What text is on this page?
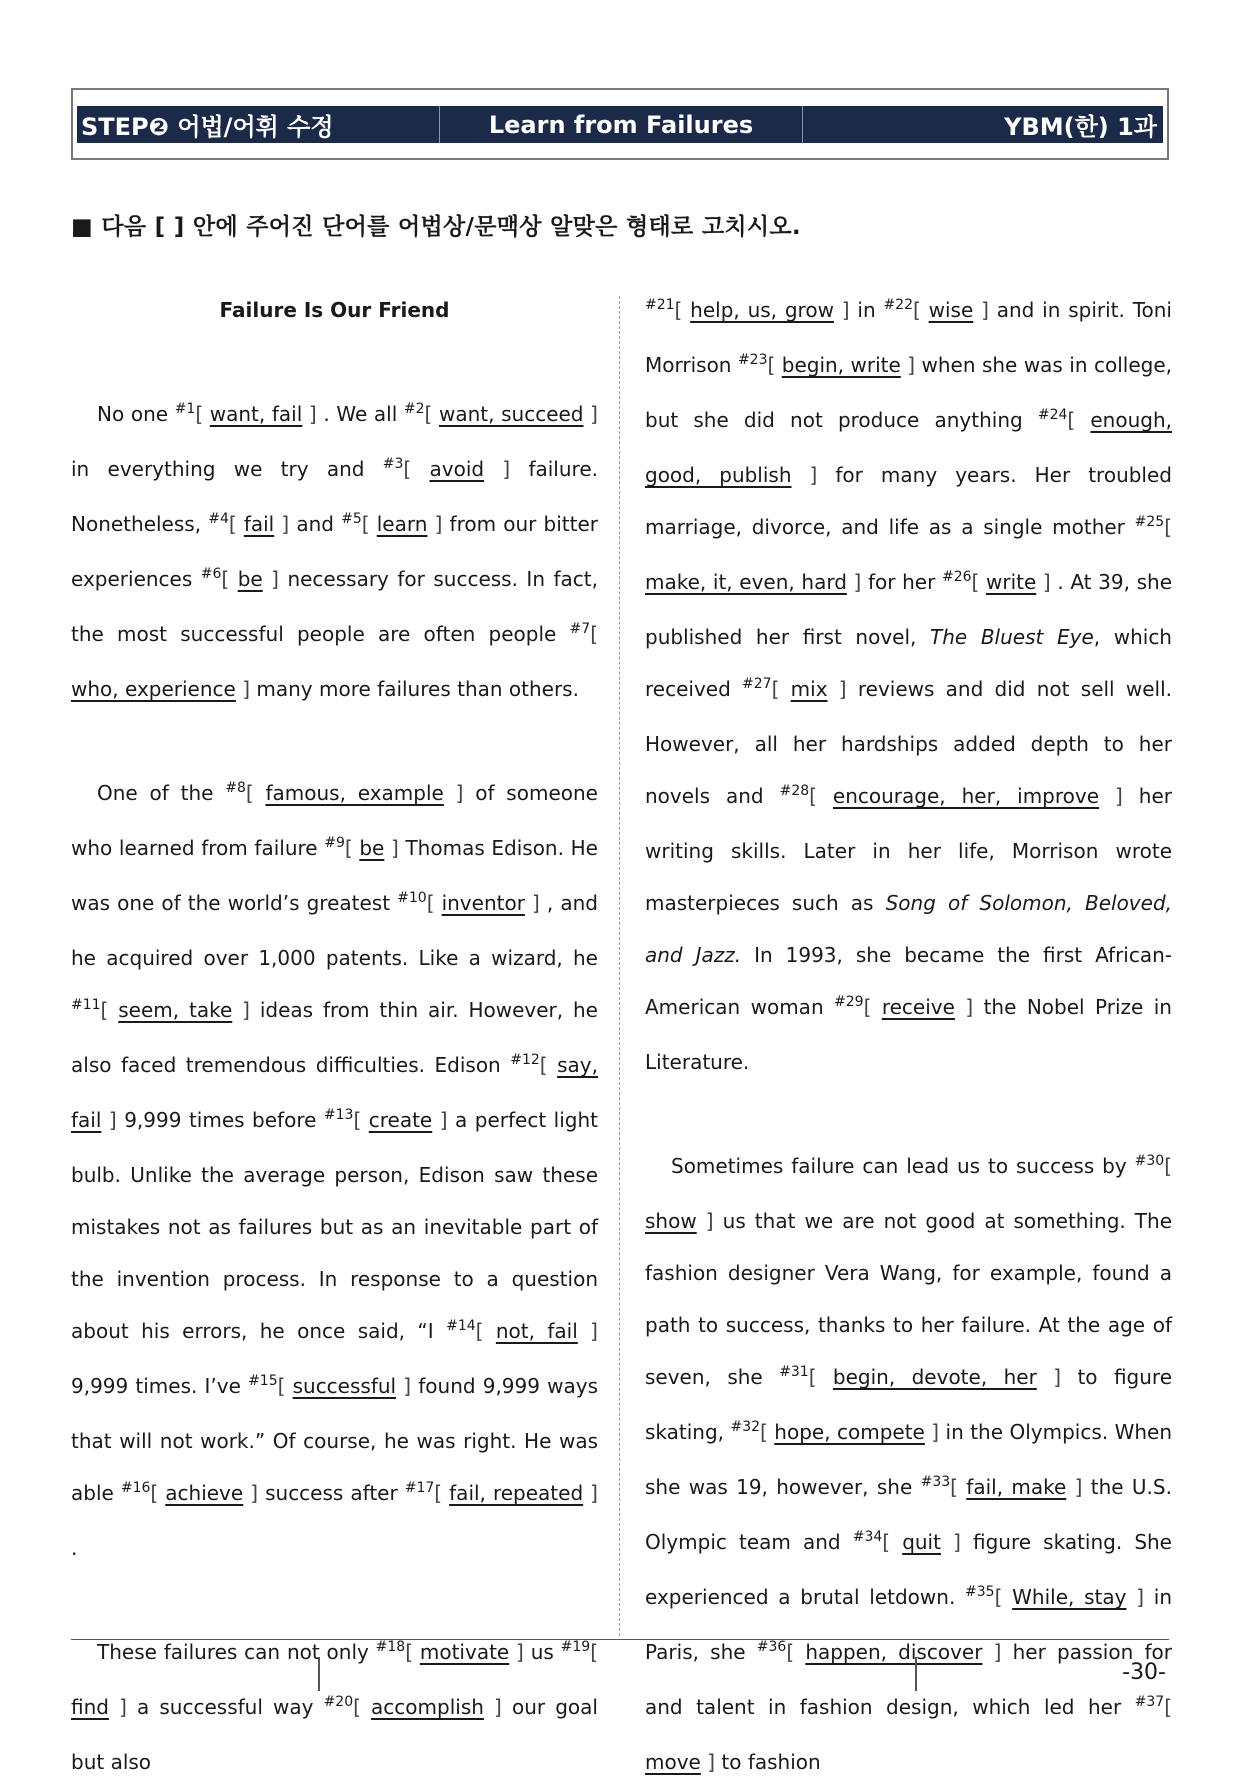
STEP❷ 어법/어휘 수정	Learn from Failures	YBM(한) 1과
■ 다음 [ ] 안에 주어진 단어를 어법상/문맥상 알맞은 형태로 고치시오.

Failure Is Our Friend

No one $^{\#1}$[ want, fail ] . We all $^{\#2}$[ want, succeed ] in everything we try and $^{\#3}$[ avoid ] failure. Nonetheless, $^{\#4}$[ fail ] and $^{\#5}$[ learn ] from our bitter experiences $^{\#6}$[ be ] necessary for success. In fact, the most successful people are often people $^{\#7}$[ who, experience ] many more failures than others.

One of the $^{\#8}$[ famous, example ] of someone who learned from failure $^{\#9}$[ be ] Thomas Edison. He was one of the world’s greatest $^{\#10}$[ inventor ] , and he acquired over 1,000 patents. Like a wizard, he $^{\#11}$[ seem, take ] ideas from thin air. However, he also faced tremendous difficulties. Edison $^{\#12}$[ say, fail ] 9,999 times before $^{\#13}$[ create ] a perfect light bulb. Unlike the average person, Edison saw these mistakes not as failures but as an inevitable part of the invention process. In response to a question about his errors, he once said, “I $^{\#14}$[ not, fail ] 9,999 times. I’ve $^{\#15}$[ successful ] found 9,999 ways that will not work.” Of course, he was right. He was able $^{\#16}$[ achieve ] success after $^{\#17}$[ fail, repeated ] .

These failures can not only $^{\#18}$[ motivate ] us $^{\#19}$[ find ] a successful way $^{\#20}$[ accomplish ] our goal but also

$^{\#21}$[ help, us, grow ] in $^{\#22}$[ wise ] and in spirit. Toni Morrison $^{\#23}$[ begin, write ] when she was in college, but she did not produce anything $^{\#24}$[ enough, good, publish ] for many years. Her troubled marriage, divorce, and life as a single mother $^{\#25}$[ make, it, even, hard ] for her $^{\#26}$[ write ] . At 39, she published her first novel, The Bluest Eye, which received $^{\#27}$[ mix ] reviews and did not sell well. However, all her hardships added depth to her novels and $^{\#28}$[ encourage, her, improve ] her writing skills. Later in her life, Morrison wrote masterpieces such as Song of Solomon, Beloved, and Jazz. In 1993, she became the first African-American woman $^{\#29}$[ receive ] the Nobel Prize in Literature.

Sometimes failure can lead us to success by $^{\#30}$[ show ] us that we are not good at something. The fashion designer Vera Wang, for example, found a path to success, thanks to her failure. At the age of seven, she $^{\#31}$[ begin, devote, her ] to figure skating, $^{\#32}$[ hope, compete ] in the Olympics. When she was 19, however, she $^{\#33}$[ fail, make ] the U.S. Olympic team and $^{\#34}$[ quit ] figure skating. She experienced a brutal letdown. $^{\#35}$[ While, stay ] in Paris, she $^{\#36}$[ happen, discover ] her passion for and talent in fashion design, which led her $^{\#37}$[ move ] to fashion

-30-
